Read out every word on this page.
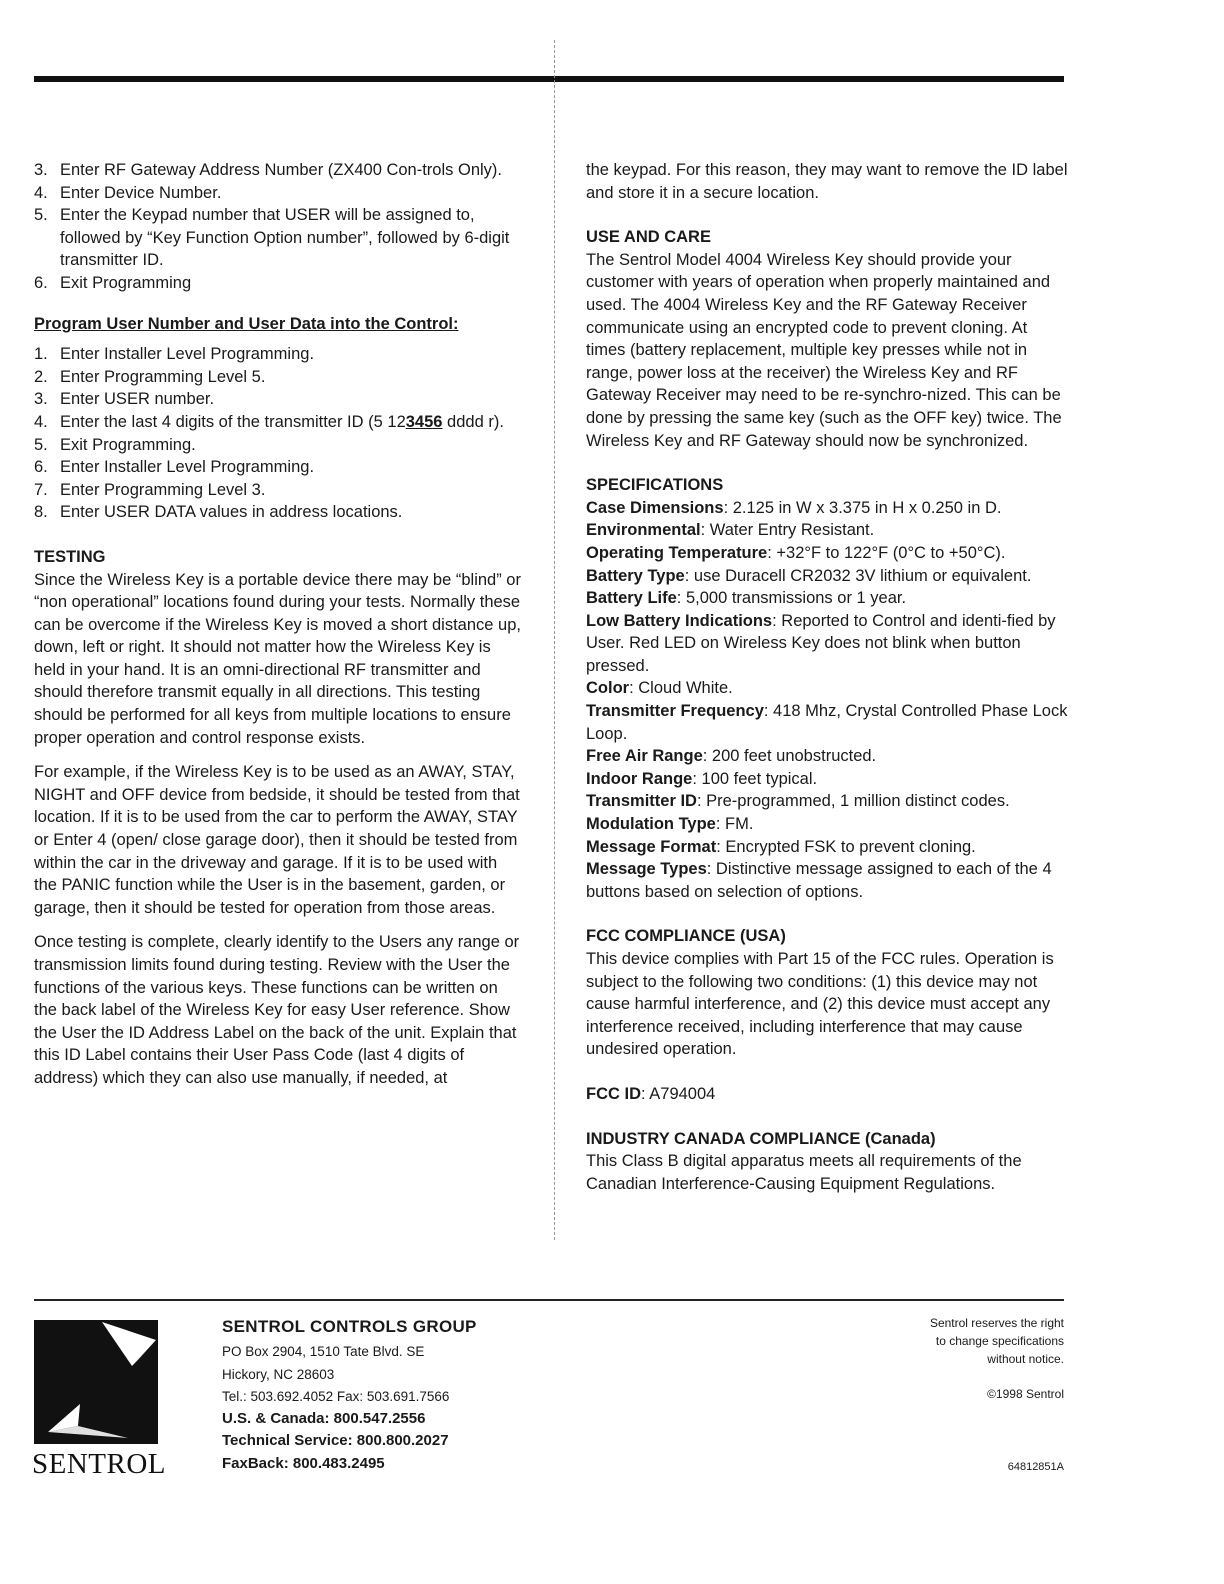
3. Enter RF Gateway Address Number (ZX400 Con-trols Only).
4. Enter Device Number.
5. Enter the Keypad number that USER will be assigned to, followed by “Key Function Option number”, followed by 6-digit transmitter ID.
6. Exit Programming
Program User Number and User Data into the Control:
1. Enter Installer Level Programming.
2. Enter Programming Level 5.
3. Enter USER number.
4. Enter the last 4 digits of the transmitter ID (5 123456 dddd r).
5. Exit Programming.
6. Enter Installer Level Programming.
7. Enter Programming Level 3.
8. Enter USER DATA values in address locations.
TESTING

Since the Wireless Key is a portable device there may be “blind” or “non operational” locations found during your tests. Normally these can be overcome if the Wireless Key is moved a short distance up, down, left or right. It should not matter how the Wireless Key is held in your hand. It is an omni-directional RF transmitter and should therefore transmit equally in all directions. This testing should be performed for all keys from multiple locations to ensure proper operation and control response exists.

For example, if the Wireless Key is to be used as an AWAY, STAY, NIGHT and OFF device from bedside, it should be tested from that location. If it is to be used from the car to perform the AWAY, STAY or Enter 4 (open/ close garage door), then it should be tested from within the car in the driveway and garage. If it is to be used with the PANIC function while the User is in the basement, garden, or garage, then it should be tested for operation from those areas.

Once testing is complete, clearly identify to the Users any range or transmission limits found during testing. Review with the User the functions of the various keys. These functions can be written on the back label of the Wireless Key for easy User reference. Show the User the ID Address Label on the back of the unit. Explain that this ID Label contains their User Pass Code (last 4 digits of address) which they can also use manually, if needed, at

the keypad. For this reason, they may want to remove the ID label and store it in a secure location.

USE AND CARE

The Sentrol Model 4004 Wireless Key should provide your customer with years of operation when properly maintained and used. The 4004 Wireless Key and the RF Gateway Receiver communicate using an encrypted code to prevent cloning. At times (battery replacement, multiple key presses while not in range, power loss at the receiver) the Wireless Key and RF Gateway Receiver may need to be re-synchro-nized. This can be done by pressing the same key (such as the OFF key) twice. The Wireless Key and RF Gateway should now be synchronized.

SPECIFICATIONS
Case Dimensions: 2.125 in W x 3.375 in H x 0.250 in D.
Environmental: Water Entry Resistant.
Operating Temperature: +32°F to 122°F (0°C to +50°C).
Battery Type: use Duracell CR2032 3V lithium or equivalent.
Battery Life: 5,000 transmissions or 1 year.
Low Battery Indications: Reported to Control and identi-fied by User. Red LED on Wireless Key does not blink when button pressed.
Color: Cloud White.
Transmitter Frequency: 418 Mhz, Crystal Controlled Phase Lock Loop.
Free Air Range: 200 feet unobstructed.
Indoor Range: 100 feet typical.
Transmitter ID: Pre-programmed, 1 million distinct codes.
Modulation Type: FM.
Message Format: Encrypted FSK to prevent cloning.
Message Types: Distinctive message assigned to each of the 4 buttons based on selection of options.
FCC COMPLIANCE (USA)

This device complies with Part 15 of the FCC rules. Operation is subject to the following two conditions: (1) this device may not cause harmful interference, and (2) this device must accept any interference received, including interference that may cause undesired operation.

FCC ID: A794004
INDUSTRY CANADA COMPLIANCE (Canada)

This Class B digital apparatus meets all requirements of the Canadian Interference-Causing Equipment Regulations.

SENTROL
SENTROL CONTROLS GROUP
PO Box 2904, 1510 Tate Blvd. SE
Hickory, NC 28603
Tel.: 503.692.4052 Fax: 503.691.7566
U.S. & Canada: 800.547.2556
Technical Service: 800.800.2027
FaxBack: 800.483.2495
Sentrol reserves the right
to change specifications
without notice.
©1998 Sentrol
64812851A
